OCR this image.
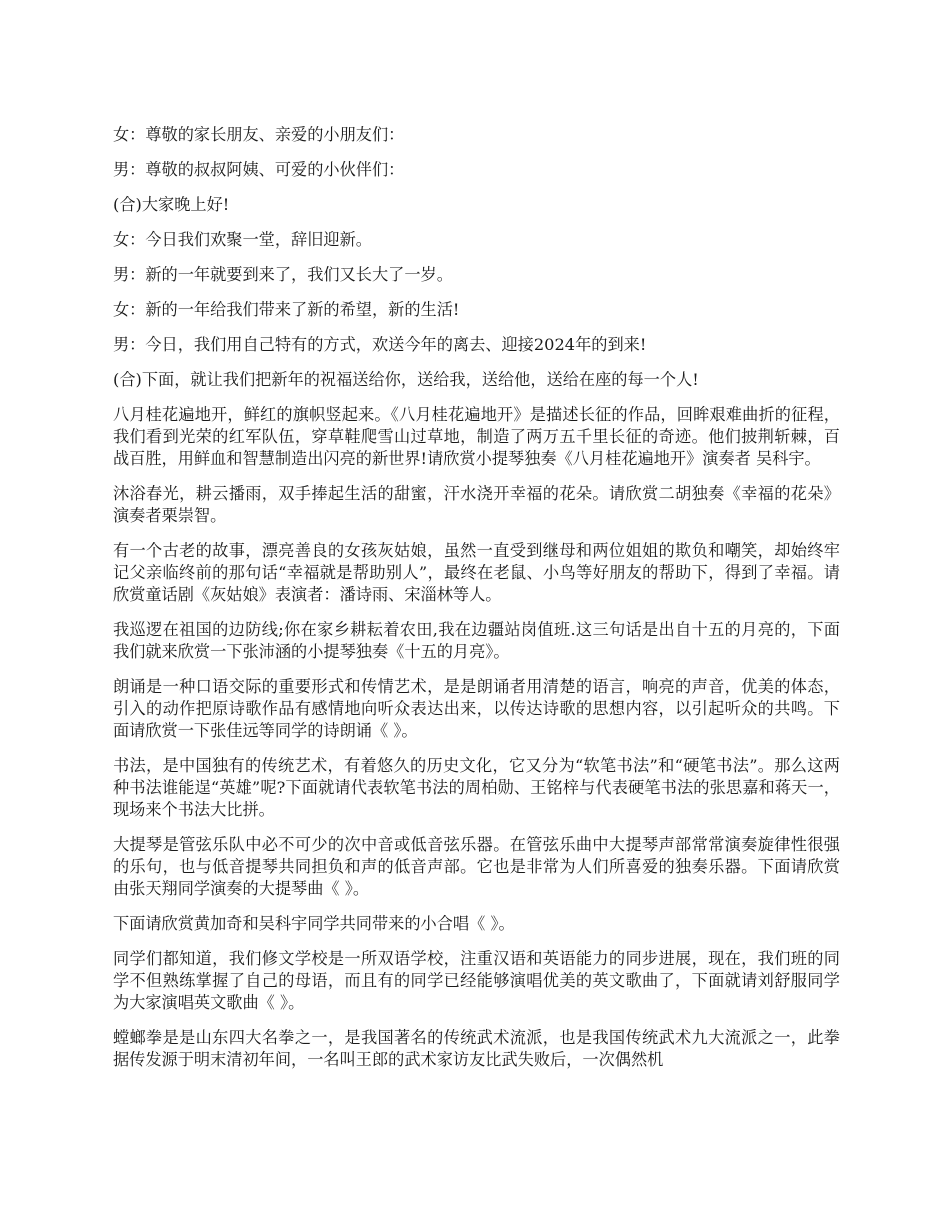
女：尊敬的家长朋友、亲爱的小朋友们：

男：尊敬的叔叔阿姨、可爱的小伙伴们：

(合)大家晚上好!

女：今日我们欢聚一堂，辞旧迎新。

男：新的一年就要到来了，我们又长大了一岁。

女：新的一年给我们带来了新的希望，新的生活!

男：今日，我们用自己特有的方式，欢送今年的离去、迎接2024年的到来!

(合)下面，就让我们把新年的祝福送给你，送给我，送给他，送给在座的每一个人!

八月桂花遍地开，鲜红的旗帜竖起来。《八月桂花遍地开》是描述长征的作品，回眸艰难曲折的征程，我们看到光荣的红军队伍，穿草鞋爬雪山过草地，制造了两万五千里长征的奇迹。他们披荆斩棘，百战百胜，用鲜血和智慧制造出闪亮的新世界!请欣赏小提琴独奏《八月桂花遍地开》演奏者 吴科宇。

沐浴春光，耕云播雨，双手捧起生活的甜蜜，汗水浇开幸福的花朵。请欣赏二胡独奏《幸福的花朵》演奏者栗崇智。

有一个古老的故事，漂亮善良的女孩灰姑娘，虽然一直受到继母和两位姐姐的欺负和嘲笑，却始终牢记父亲临终前的那句话“幸福就是帮助别人”，最终在老鼠、小鸟等好朋友的帮助下，得到了幸福。请欣赏童话剧《灰姑娘》表演者：潘诗雨、宋淄林等人。

我巡逻在祖国的边防线;你在家乡耕耘着农田,我在边疆站岗值班.这三句话是出自十五的月亮的，下面我们就来欣赏一下张沛涵的小提琴独奏《十五的月亮》。

朗诵是一种口语交际的重要形式和传情艺术，是是朗诵者用清楚的语言，响亮的声音，优美的体态，引入的动作把原诗歌作品有感情地向听众表达出来，以传达诗歌的思想内容，以引起听众的共鸣。下面请欣赏一下张佳远等同学的诗朗诵《 》。

书法，是中国独有的传统艺术，有着悠久的历史文化，它又分为“软笔书法”和“硬笔书法”。那么这两种书法谁能逞“英雄”呢?下面就请代表软笔书法的周柏勋、王铭梓与代表硬笔书法的张思嘉和蒋天一，现场来个书法大比拼。

大提琴是管弦乐队中必不可少的次中音或低音弦乐器。在管弦乐曲中大提琴声部常常演奏旋律性很强的乐句，也与低音提琴共同担负和声的低音声部。它也是非常为人们所喜爱的独奏乐器。下面请欣赏由张天翔同学演奏的大提琴曲《 》。

下面请欣赏黄加奇和吴科宇同学共同带来的小合唱《 》。

同学们都知道，我们修文学校是一所双语学校，注重汉语和英语能力的同步进展，现在，我们班的同学不但熟练掌握了自己的母语，而且有的同学已经能够演唱优美的英文歌曲了，下面就请刘舒服同学为大家演唱英文歌曲《 》。

螳螂拳是是山东四大名拳之一，是我国著名的传统武术流派，也是我国传统武术九大流派之一，此拳据传发源于明末清初年间，一名叫王郎的武术家访友比武失败后，一次偶然机
